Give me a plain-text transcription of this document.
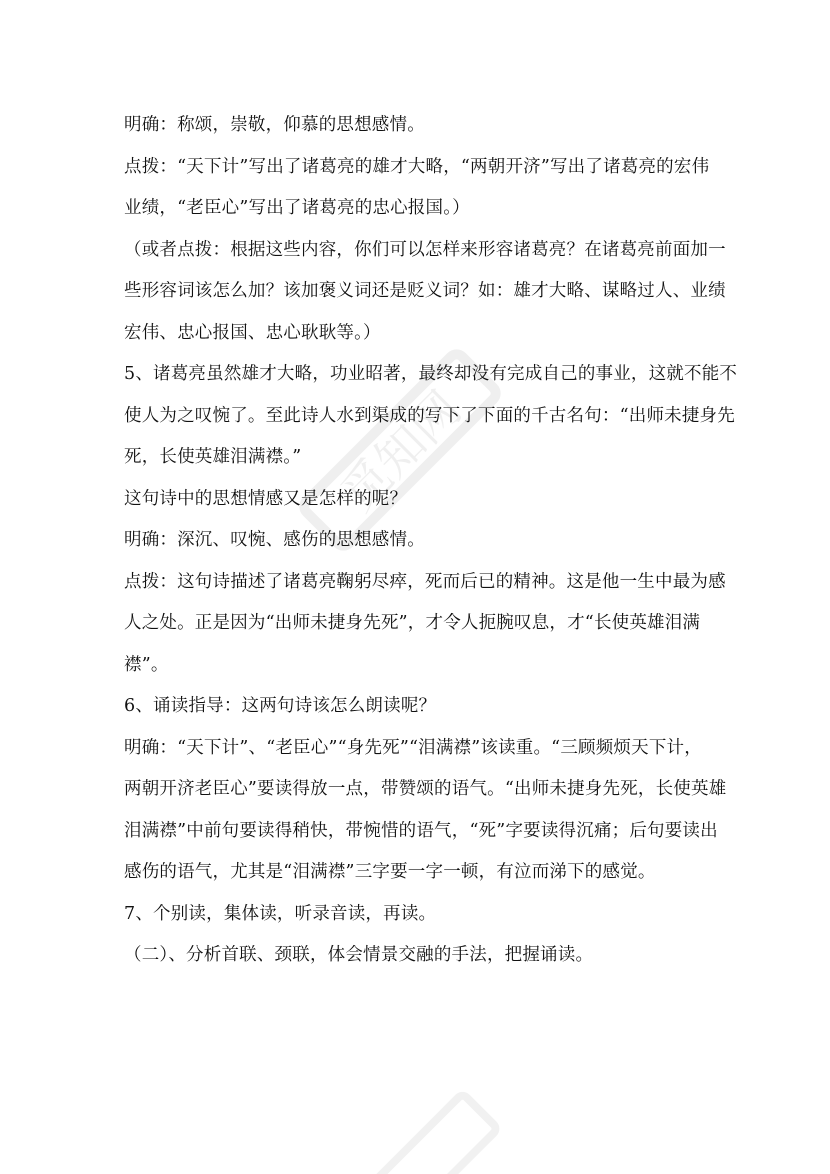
觅知网
明确：称颂，崇敬，仰慕的思想感情。
点拨：“天下计”写出了诸葛亮的雄才大略，“两朝开济”写出了诸葛亮的宏伟
业绩，“老臣心”写出了诸葛亮的忠心报国。）
（或者点拨：根据这些内容，你们可以怎样来形容诸葛亮？在诸葛亮前面加一
些形容词该怎么加？该加褒义词还是贬义词？如：雄才大略、谋略过人、业绩
宏伟、忠心报国、忠心耿耿等。）
5、诸葛亮虽然雄才大略，功业昭著，最终却没有完成自己的事业，这就不能不
使人为之叹惋了。至此诗人水到渠成的写下了下面的千古名句：“出师未捷身先
死，长使英雄泪满襟。”
这句诗中的思想情感又是怎样的呢？
明确：深沉、叹惋、感伤的思想感情。
点拨：这句诗描述了诸葛亮鞠躬尽瘁，死而后已的精神。这是他一生中最为感
人之处。正是因为“出师未捷身先死”，才令人扼腕叹息，才“长使英雄泪满
襟”。
6、诵读指导：这两句诗该怎么朗读呢？
明确：“天下计”、“老臣心”“身先死”“泪满襟”该读重。“三顾频烦天下计，
两朝开济老臣心”要读得放一点，带赞颂的语气。“出师未捷身先死，长使英雄
泪满襟”中前句要读得稍快，带惋惜的语气，“死”字要读得沉痛；后句要读出
感伤的语气，尤其是“泪满襟”三字要一字一顿，有泣而涕下的感觉。
7、个别读，集体读，听录音读，再读。
（二）、分析首联、颈联，体会情景交融的手法，把握诵读。
